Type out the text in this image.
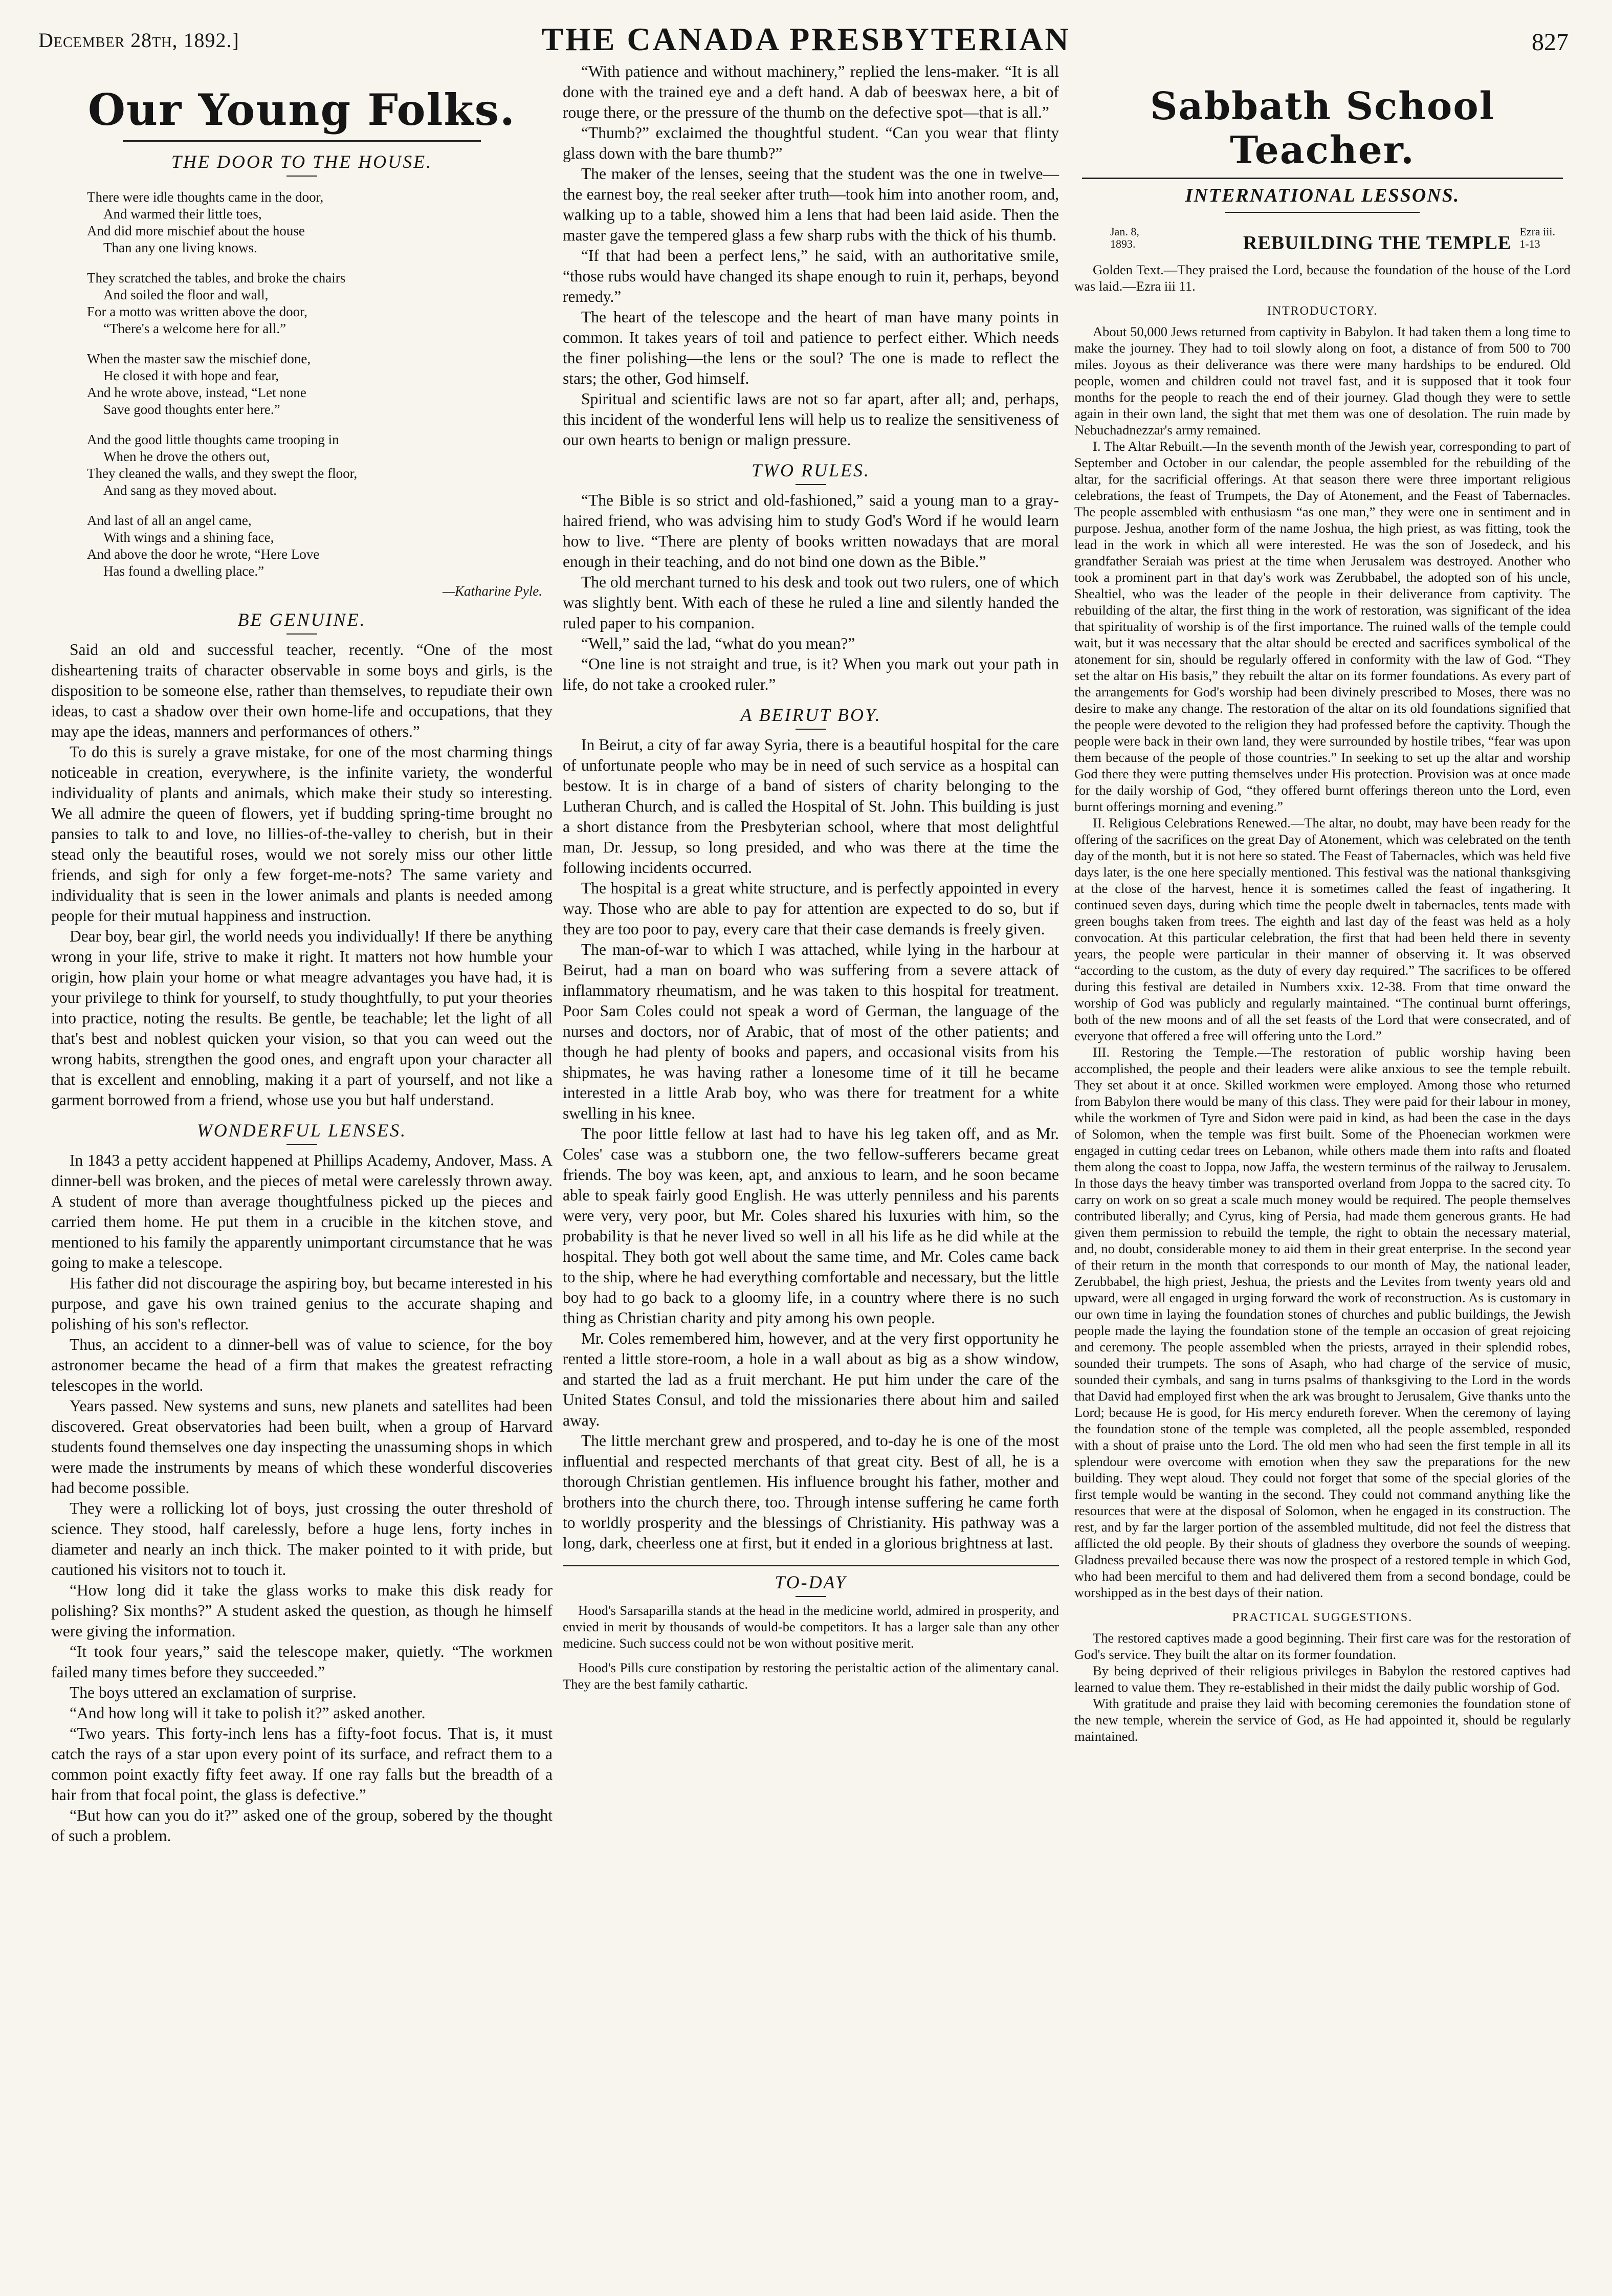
December 28th, 1892.]	THE CANADA PRESBYTERIAN	827
Our Young Folks.
THE DOOR TO THE HOUSE.
There were idle thoughts came in the door,
And warmed their little toes,
And did more mischief about the house
Than any one living knows.
They scratched the tables, and broke the chairs
And soiled the floor and wall,
For a motto was written above the door,
“There's a welcome here for all.”
When the master saw the mischief done,
He closed it with hope and fear,
And he wrote above, instead, “Let none
Save good thoughts enter here.”
And the good little thoughts came trooping in
When he drove the others out,
They cleaned the walls, and they swept the floor,
And sang as they moved about.
And last of all an angel came,
With wings and a shining face,
And above the door he wrote, “Here Love
Has found a dwelling place.”
—Katharine Pyle.
BE GENUINE.

Said an old and successful teacher, recently. “One of the most disheartening traits of character observable in some boys and girls, is the disposition to be someone else, rather than themselves, to repudiate their own ideas, to cast a shadow over their own home-life and occupations, that they may ape the ideas, manners and performances of others.”

To do this is surely a grave mistake, for one of the most charming things noticeable in creation, everywhere, is the infinite variety, the wonderful individuality of plants and animals, which make their study so interesting. We all admire the queen of flowers, yet if budding spring-time brought no pansies to talk to and love, no lillies-of-the-valley to cherish, but in their stead only the beautiful roses, would we not sorely miss our other little friends, and sigh for only a few forget-me-nots? The same variety and individuality that is seen in the lower animals and plants is needed among people for their mutual happiness and instruction.

Dear boy, bear girl, the world needs you individually! If there be anything wrong in your life, strive to make it right. It matters not how humble your origin, how plain your home or what meagre advantages you have had, it is your privilege to think for yourself, to study thoughtfully, to put your theories into practice, noting the results. Be gentle, be teachable; let the light of all that's best and noblest quicken your vision, so that you can weed out the wrong habits, strengthen the good ones, and engraft upon your character all that is excellent and ennobling, making it a part of yourself, and not like a garment borrowed from a friend, whose use you but half understand.

WONDERFUL LENSES.

In 1843 a petty accident happened at Phillips Academy, Andover, Mass. A dinner-bell was broken, and the pieces of metal were carelessly thrown away. A student of more than average thoughtfulness picked up the pieces and carried them home. He put them in a crucible in the kitchen stove, and mentioned to his family the apparently unimportant circumstance that he was going to make a telescope.

His father did not discourage the aspiring boy, but became interested in his purpose, and gave his own trained genius to the accurate shaping and polishing of his son's reflector.

Thus, an accident to a dinner-bell was of value to science, for the boy astronomer became the head of a firm that makes the greatest refracting telescopes in the world.

Years passed. New systems and suns, new planets and satellites had been discovered. Great observatories had been built, when a group of Harvard students found themselves one day inspecting the unassuming shops in which were made the instruments by means of which these wonderful discoveries had become possible.

They were a rollicking lot of boys, just crossing the outer threshold of science. They stood, half carelessly, before a huge lens, forty inches in diameter and nearly an inch thick. The maker pointed to it with pride, but cautioned his visitors not to touch it.

“How long did it take the glass works to make this disk ready for polishing? Six months?” A student asked the question, as though he himself were giving the information.

“It took four years,” said the telescope maker, quietly. “The workmen failed many times before they succeeded.”

The boys uttered an exclamation of surprise.

“And how long will it take to polish it?” asked another.

“Two years. This forty-inch lens has a fifty-foot focus. That is, it must catch the rays of a star upon every point of its surface, and refract them to a common point exactly fifty feet away. If one ray falls but the breadth of a hair from that focal point, the glass is defective.”

“But how can you do it?” asked one of the group, sobered by the thought of such a problem.

“With patience and without machinery,” replied the lens-maker. “It is all done with the trained eye and a deft hand. A dab of beeswax here, a bit of rouge there, or the pressure of the thumb on the defective spot—that is all.”

“Thumb?” exclaimed the thoughtful student. “Can you wear that flinty glass down with the bare thumb?”

The maker of the lenses, seeing that the student was the one in twelve—the earnest boy, the real seeker after truth—took him into another room, and, walking up to a table, showed him a lens that had been laid aside. Then the master gave the tempered glass a few sharp rubs with the thick of his thumb.

“If that had been a perfect lens,” he said, with an authoritative smile, “those rubs would have changed its shape enough to ruin it, perhaps, beyond remedy.”

The heart of the telescope and the heart of man have many points in common. It takes years of toil and patience to perfect either. Which needs the finer polishing—the lens or the soul? The one is made to reflect the stars; the other, God himself.

Spiritual and scientific laws are not so far apart, after all; and, perhaps, this incident of the wonderful lens will help us to realize the sensitiveness of our own hearts to benign or malign pressure.

TWO RULES.

“The Bible is so strict and old-fashioned,” said a young man to a gray-haired friend, who was advising him to study God's Word if he would learn how to live. “There are plenty of books written nowadays that are moral enough in their teaching, and do not bind one down as the Bible.”

The old merchant turned to his desk and took out two rulers, one of which was slightly bent. With each of these he ruled a line and silently handed the ruled paper to his companion.

“Well,” said the lad, “what do you mean?”

“One line is not straight and true, is it? When you mark out your path in life, do not take a crooked ruler.”

A BEIRUT BOY.

In Beirut, a city of far away Syria, there is a beautiful hospital for the care of unfortunate people who may be in need of such service as a hospital can bestow. It is in charge of a band of sisters of charity belonging to the Lutheran Church, and is called the Hospital of St. John. This building is just a short distance from the Presbyterian school, where that most delightful man, Dr. Jessup, so long presided, and who was there at the time the following incidents occurred.

The hospital is a great white structure, and is perfectly appointed in every way. Those who are able to pay for attention are expected to do so, but if they are too poor to pay, every care that their case demands is freely given.

The man-of-war to which I was attached, while lying in the harbour at Beirut, had a man on board who was suffering from a severe attack of inflammatory rheumatism, and he was taken to this hospital for treatment. Poor Sam Coles could not speak a word of German, the language of the nurses and doctors, nor of Arabic, that of most of the other patients; and though he had plenty of books and papers, and occasional visits from his shipmates, he was having rather a lonesome time of it till he became interested in a little Arab boy, who was there for treatment for a white swelling in his knee.

The poor little fellow at last had to have his leg taken off, and as Mr. Coles' case was a stubborn one, the two fellow-sufferers became great friends. The boy was keen, apt, and anxious to learn, and he soon became able to speak fairly good English. He was utterly penniless and his parents were very, very poor, but Mr. Coles shared his luxuries with him, so the probability is that he never lived so well in all his life as he did while at the hospital. They both got well about the same time, and Mr. Coles came back to the ship, where he had everything comfortable and necessary, but the little boy had to go back to a gloomy life, in a country where there is no such thing as Christian charity and pity among his own people.

Mr. Coles remembered him, however, and at the very first opportunity he rented a little store-room, a hole in a wall about as big as a show window, and started the lad as a fruit merchant. He put him under the care of the United States Consul, and told the missionaries there about him and sailed away.

The little merchant grew and prospered, and to-day he is one of the most influential and respected merchants of that great city. Best of all, he is a thorough Christian gentlemen. His influence brought his father, mother and brothers into the church there, too. Through intense suffering he came forth to worldly prosperity and the blessings of Christianity. His pathway was a long, dark, cheerless one at first, but it ended in a glorious brightness at last.

TO-DAY

Hood's Sarsaparilla stands at the head in the medicine world, admired in prosperity, and envied in merit by thousands of would-be competitors. It has a larger sale than any other medicine. Such success could not be won without positive merit.

Hood's Pills cure constipation by restoring the peristaltic action of the alimentary canal. They are the best family cathartic.

Sabbath School Teacher.
INTERNATIONAL LESSONS.
Jan. 8,
1893.	REBUILDING THE TEMPLE
Ezra iii.
1-13

Golden Text.—They praised the Lord, because the foundation of the house of the Lord was laid.—Ezra iii 11.

INTRODUCTORY.

About 50,000 Jews returned from captivity in Babylon. It had taken them a long time to make the journey. They had to toil slowly along on foot, a distance of from 500 to 700 miles. Joyous as their deliverance was there were many hardships to be endured. Old people, women and children could not travel fast, and it is supposed that it took four months for the people to reach the end of their journey. Glad though they were to settle again in their own land, the sight that met them was one of desolation. The ruin made by Nebuchadnezzar's army remained.

I. The Altar Rebuilt.—In the seventh month of the Jewish year, corresponding to part of September and October in our calendar, the people assembled for the rebuilding of the altar, for the sacrificial offerings. At that season there were three important religious celebrations, the feast of Trumpets, the Day of Atonement, and the Feast of Tabernacles. The people assembled with enthusiasm “as one man,” they were one in sentiment and in purpose. Jeshua, another form of the name Joshua, the high priest, as was fitting, took the lead in the work in which all were interested. He was the son of Josedeck, and his grandfather Seraiah was priest at the time when Jerusalem was destroyed. Another who took a prominent part in that day's work was Zerubbabel, the adopted son of his uncle, Shealtiel, who was the leader of the people in their deliverance from captivity. The rebuilding of the altar, the first thing in the work of restoration, was significant of the idea that spirituality of worship is of the first importance. The ruined walls of the temple could wait, but it was necessary that the altar should be erected and sacrifices symbolical of the atonement for sin, should be regularly offered in conformity with the law of God. “They set the altar on His basis,” they rebuilt the altar on its former foundations. As every part of the arrangements for God's worship had been divinely prescribed to Moses, there was no desire to make any change. The restoration of the altar on its old foundations signified that the people were devoted to the religion they had professed before the captivity. Though the people were back in their own land, they were surrounded by hostile tribes, “fear was upon them because of the people of those countries.” In seeking to set up the altar and worship God there they were putting themselves under His protection. Provision was at once made for the daily worship of God, “they offered burnt offerings thereon unto the Lord, even burnt offerings morning and evening.”

II. Religious Celebrations Renewed.—The altar, no doubt, may have been ready for the offering of the sacrifices on the great Day of Atonement, which was celebrated on the tenth day of the month, but it is not here so stated. The Feast of Tabernacles, which was held five days later, is the one here specially mentioned. This festival was the national thanksgiving at the close of the harvest, hence it is sometimes called the feast of ingathering. It continued seven days, during which time the people dwelt in tabernacles, tents made with green boughs taken from trees. The eighth and last day of the feast was held as a holy convocation. At this particular celebration, the first that had been held there in seventy years, the people were particular in their manner of observing it. It was observed “according to the custom, as the duty of every day required.” The sacrifices to be offered during this festival are detailed in Numbers xxix. 12-38. From that time onward the worship of God was publicly and regularly maintained. “The continual burnt offerings, both of the new moons and of all the set feasts of the Lord that were consecrated, and of everyone that offered a free will offering unto the Lord.”

III. Restoring the Temple.—The restoration of public worship having been accomplished, the people and their leaders were alike anxious to see the temple rebuilt. They set about it at once. Skilled workmen were employed. Among those who returned from Babylon there would be many of this class. They were paid for their labour in money, while the workmen of Tyre and Sidon were paid in kind, as had been the case in the days of Solomon, when the temple was first built. Some of the Phoenecian workmen were engaged in cutting cedar trees on Lebanon, while others made them into rafts and floated them along the coast to Joppa, now Jaffa, the western terminus of the railway to Jerusalem. In those days the heavy timber was transported overland from Joppa to the sacred city. To carry on work on so great a scale much money would be required. The people themselves contributed liberally; and Cyrus, king of Persia, had made them generous grants. He had given them permission to rebuild the temple, the right to obtain the necessary material, and, no doubt, considerable money to aid them in their great enterprise. In the second year of their return in the month that corresponds to our month of May, the national leader, Zerubbabel, the high priest, Jeshua, the priests and the Levites from twenty years old and upward, were all engaged in urging forward the work of reconstruction. As is customary in our own time in laying the foundation stones of churches and public buildings, the Jewish people made the laying the foundation stone of the temple an occasion of great rejoicing and ceremony. The people assembled when the priests, arrayed in their splendid robes, sounded their trumpets. The sons of Asaph, who had charge of the service of music, sounded their cymbals, and sang in turns psalms of thanksgiving to the Lord in the words that David had employed first when the ark was brought to Jerusalem, Give thanks unto the Lord; because He is good, for His mercy endureth forever. When the ceremony of laying the foundation stone of the temple was completed, all the people assembled, responded with a shout of praise unto the Lord. The old men who had seen the first temple in all its splendour were overcome with emotion when they saw the preparations for the new building. They wept aloud. They could not forget that some of the special glories of the first temple would be wanting in the second. They could not command anything like the resources that were at the disposal of Solomon, when he engaged in its construction. The rest, and by far the larger portion of the assembled multitude, did not feel the distress that afflicted the old people. By their shouts of gladness they overbore the sounds of weeping. Gladness prevailed because there was now the prospect of a restored temple in which God, who had been merciful to them and had delivered them from a second bondage, could be worshipped as in the best days of their nation.

PRACTICAL SUGGESTIONS.

The restored captives made a good beginning. Their first care was for the restoration of God's service. They built the altar on its former foundation.

By being deprived of their religious privileges in Babylon the restored captives had learned to value them. They re-established in their midst the daily public worship of God.

With gratitude and praise they laid with becoming ceremonies the foundation stone of the new temple, wherein the service of God, as He had appointed it, should be regularly maintained.
